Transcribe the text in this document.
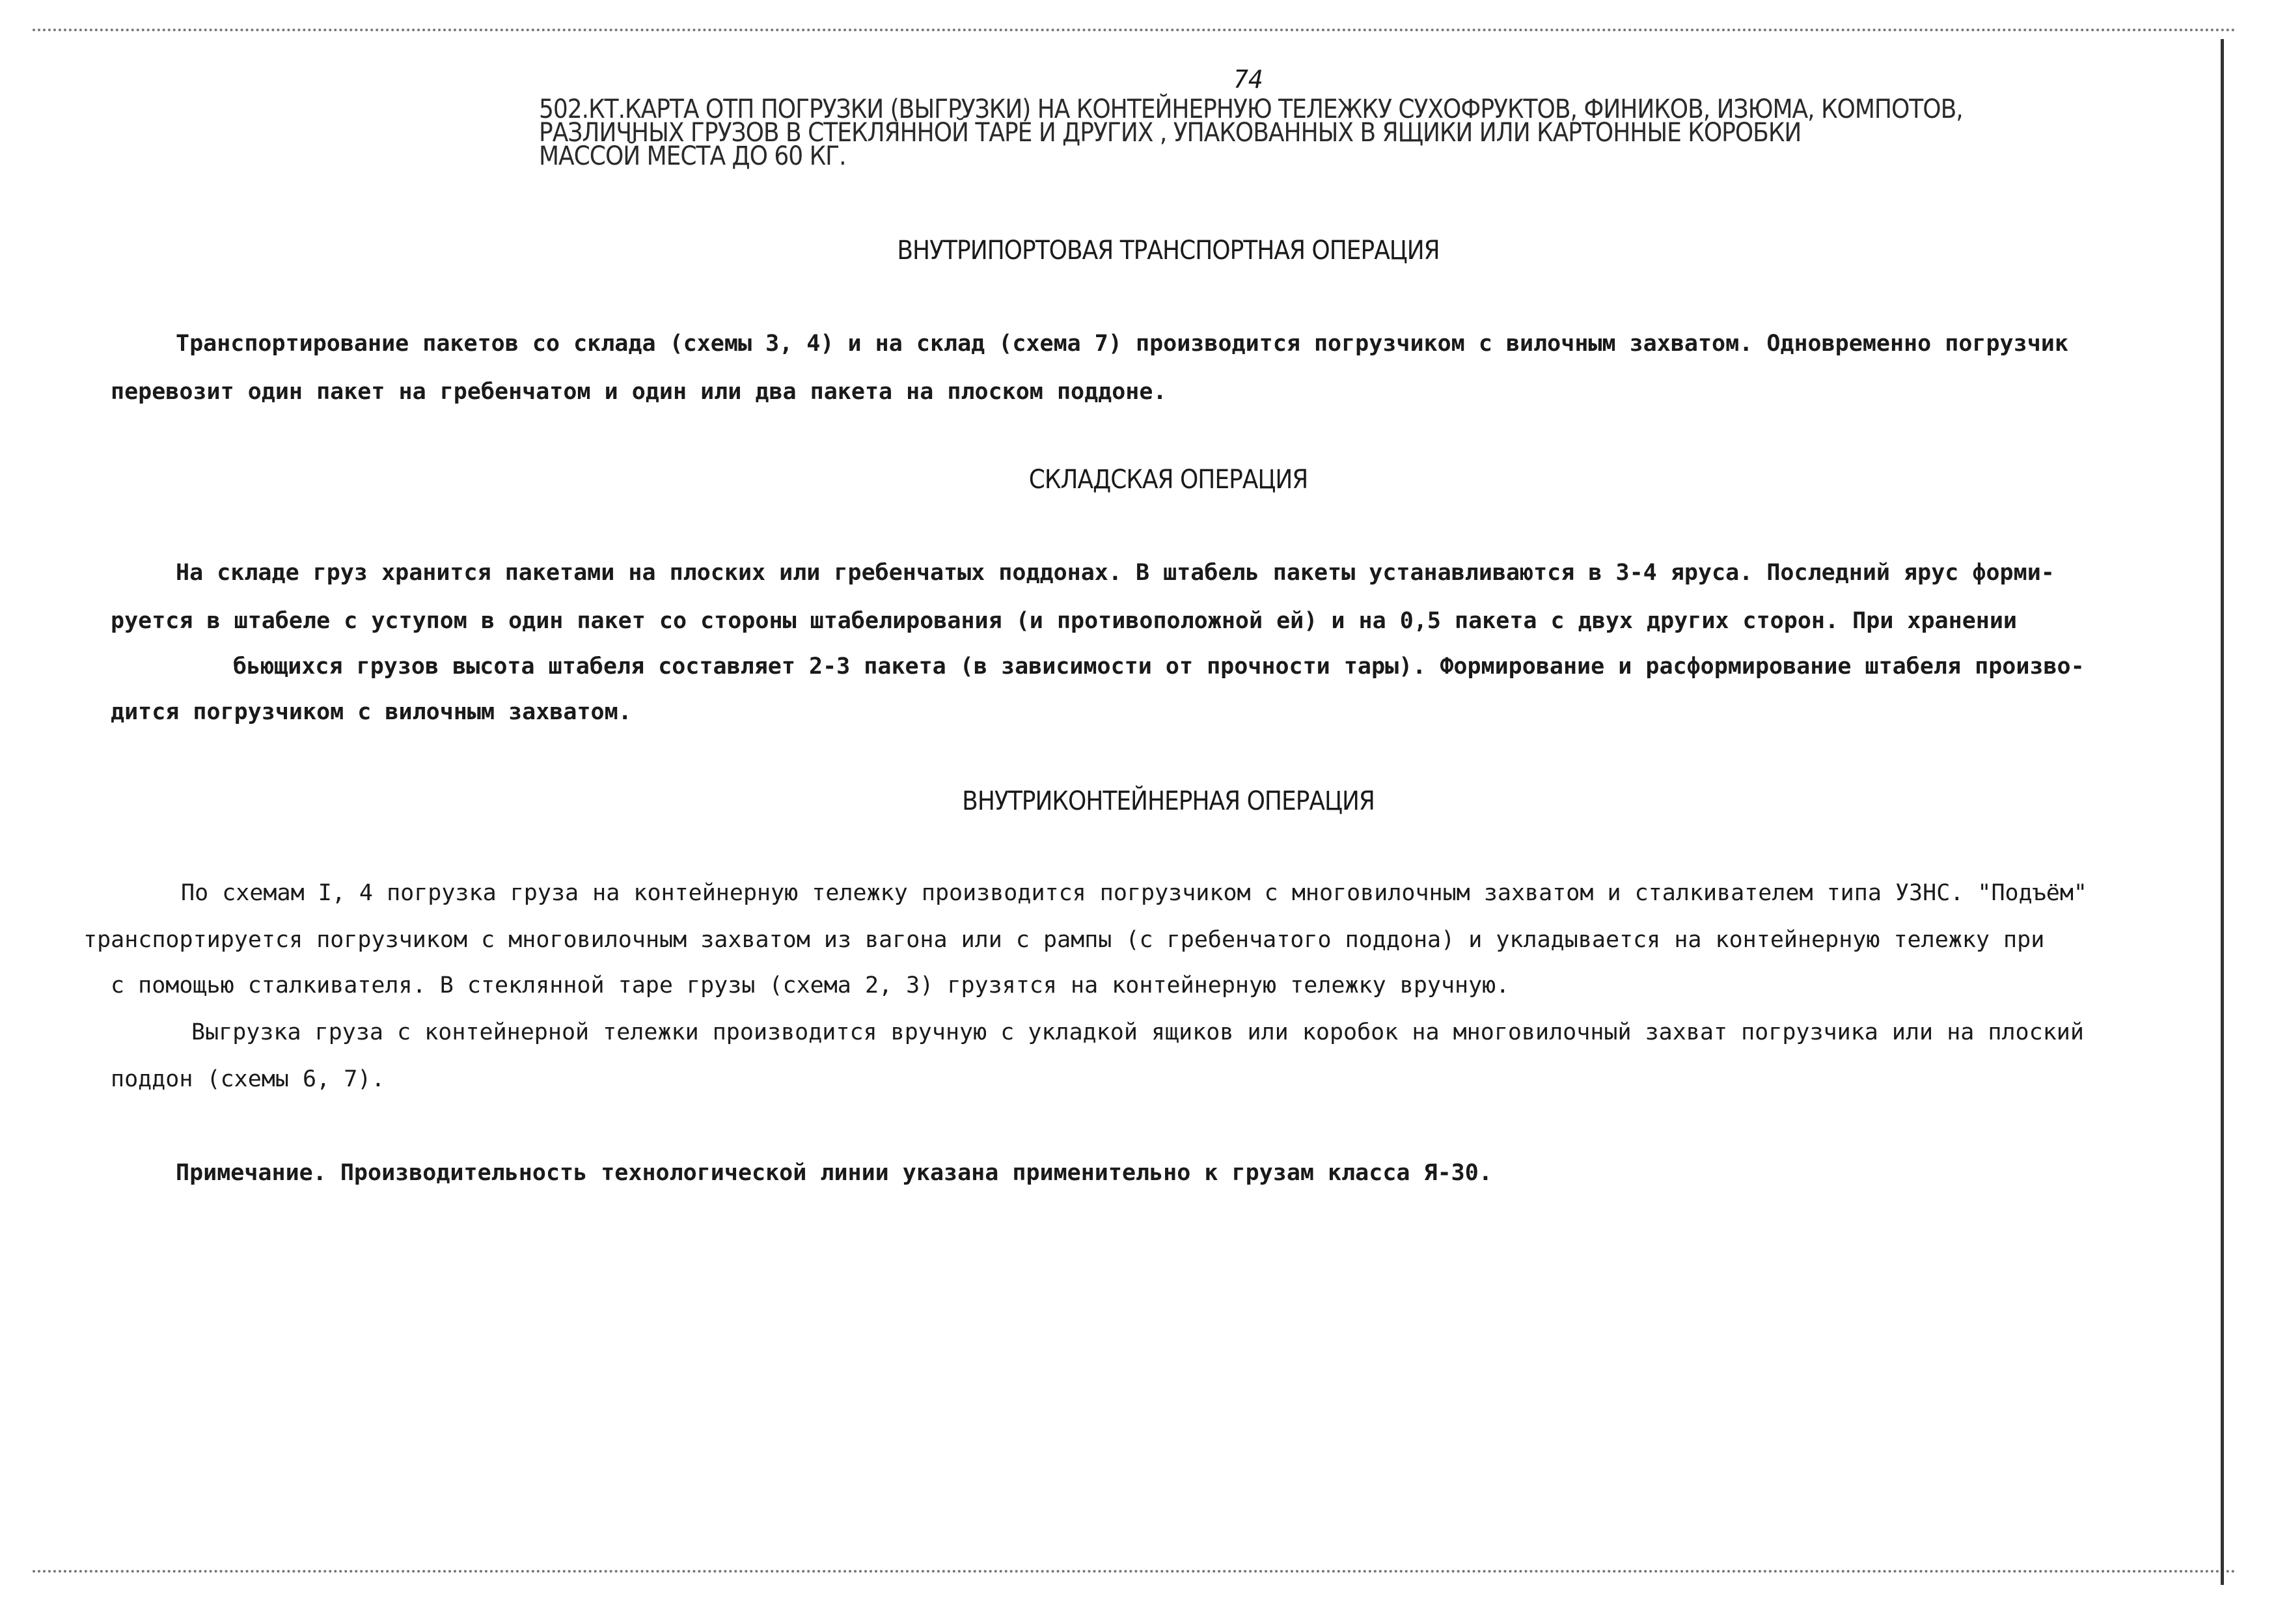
74
502.КТ.КАРТА ОТП ПОГРУЗКИ (ВЫГРУЗКИ) НА КОНТЕЙНЕРНУЮ ТЕЛЕЖКУ СУХОФРУКТОВ, ФИНИКОВ, ИЗЮМА, КОМПОТОВ,
РАЗЛИЧНЫХ ГРУЗОВ В СТЕКЛЯННОЙ ТАРЕ И ДРУГИХ , УПАКОВАННЫХ В ЯЩИКИ ИЛИ КАРТОННЫЕ КОРОБКИ
МАССОЙ МЕСТА ДО 60 КГ.
ВНУТРИПОРТОВАЯ ТРАНСПОРТНАЯ ОПЕРАЦИЯ
Транспортирование пакетов со склада (схемы 3, 4) и на склад (схема 7) производится погрузчиком с вилочным захватом. Одновременно погрузчик
перевозит один пакет на гребенчатом и один или два пакета на плоском поддоне.
СКЛАДСКАЯ ОПЕРАЦИЯ
На складе груз хранится пакетами на плоских или гребенчатых поддонах. В штабель пакеты устанавливаются в 3-4 яруса. Последний ярус форми-
руется в штабеле с уступом в один пакет со стороны штабелирования (и противоположной ей) и на 0,5 пакета с двух других сторон. При хранении
бьющихся грузов высота штабеля составляет 2-3 пакета (в зависимости от прочности тары). Формирование и расформирование штабеля произво-
дится погрузчиком с вилочным захватом.
ВНУТРИКОНТЕЙНЕРНАЯ ОПЕРАЦИЯ
По схемам I, 4 погрузка груза на контейнерную тележку производится погрузчиком с многовилочным захватом и сталкивателем типа УЗНС. "Подъём"
транспортируется погрузчиком с многовилочным захватом из вагона или с рампы (с гребенчатого поддона) и укладывается на контейнерную тележку при
с помощью сталкивателя. В стеклянной таре грузы (схема 2, 3) грузятся на контейнерную тележку вручную.
Выгрузка груза с контейнерной тележки производится вручную с укладкой ящиков или коробок на многовилочный захват погрузчика или на плоский
поддон (схемы 6, 7).
Примечание. Производительность технологической линии указана применительно к грузам класса Я-30.
